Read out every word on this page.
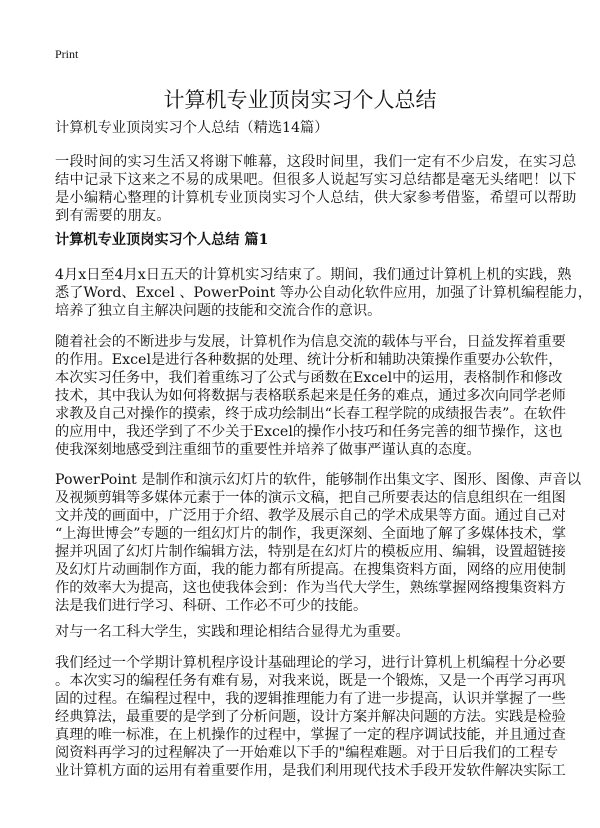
Print
计算机专业顶岗实习个人总结
计算机专业顶岗实习个人总结（精选14篇）
一段时间的实习生活又将谢下帷幕，这段时间里，我们一定有不少启发，在实习总
结中记录下这来之不易的成果吧。但很多人说起写实习总结都是毫无头绪吧！以下
是小编精心整理的计算机专业顶岗实习个人总结，供大家参考借鉴，希望可以帮助
到有需要的朋友。
计算机专业顶岗实习个人总结 篇1
4月x日至4月x日五天的计算机实习结束了。期间，我们通过计算机上机的实践，熟
悉了Word、Excel 、PowerPoint 等办公自动化软件应用，加强了计算机编程能力，
培养了独立自主解决问题的技能和交流合作的意识。
随着社会的不断进步与发展，计算机作为信息交流的载体与平台，日益发挥着重要
的作用。Excel是进行各种数据的处理、统计分析和辅助决策操作重要办公软件，
本次实习任务中，我们着重练习了公式与函数在Excel中的运用，表格制作和修改
技术，其中我认为如何将数据与表格联系起来是任务的难点，通过多次向同学老师
求教及自己对操作的摸索，终于成功绘制出“长春工程学院的成绩报告表”。在软件
的应用中，我还学到了不少关于Excel的操作小技巧和任务完善的细节操作，这也
使我深刻地感受到注重细节的重要性并培养了做事严谨认真的态度。
PowerPoint 是制作和演示幻灯片的软件，能够制作出集文字、图形、图像、声音以
及视频剪辑等多媒体元素于一体的演示文稿，把自己所要表达的信息组织在一组图
文并茂的画面中，广泛用于介绍、教学及展示自己的学术成果等方面。通过自己对
“上海世博会”专题的一组幻灯片的制作，我更深刻、全面地了解了多媒体技术，掌
握并巩固了幻灯片制作编辑方法，特别是在幻灯片的模板应用、编辑，设置超链接
及幻灯片动画制作方面，我的能力都有所提高。在搜集资料方面，网络的应用使制
作的效率大为提高，这也使我体会到：作为当代大学生，熟练掌握网络搜集资料方
法是我们进行学习、科研、工作必不可少的技能。
对与一名工科大学生，实践和理论相结合显得尤为重要。
我们经过一个学期计算机程序设计基础理论的学习，进行计算机上机编程十分必要
。本次实习的编程任务有难有易，对我来说，既是一个锻炼，又是一个再学习再巩
固的过程。在编程过程中，我的逻辑推理能力有了进一步提高，认识并掌握了一些
经典算法，最重要的是学到了分析问题，设计方案并解决问题的方法。实践是检验
真理的唯一标准，在上机操作的过程中，掌握了一定的程序调试技能，并且通过查
阅资料再学习的过程解决了一开始难以下手的"编程难题。对于日后我们的工程专
业计算机方面的运用有着重要作用，是我们利用现代技术手段开发软件解决实际工
